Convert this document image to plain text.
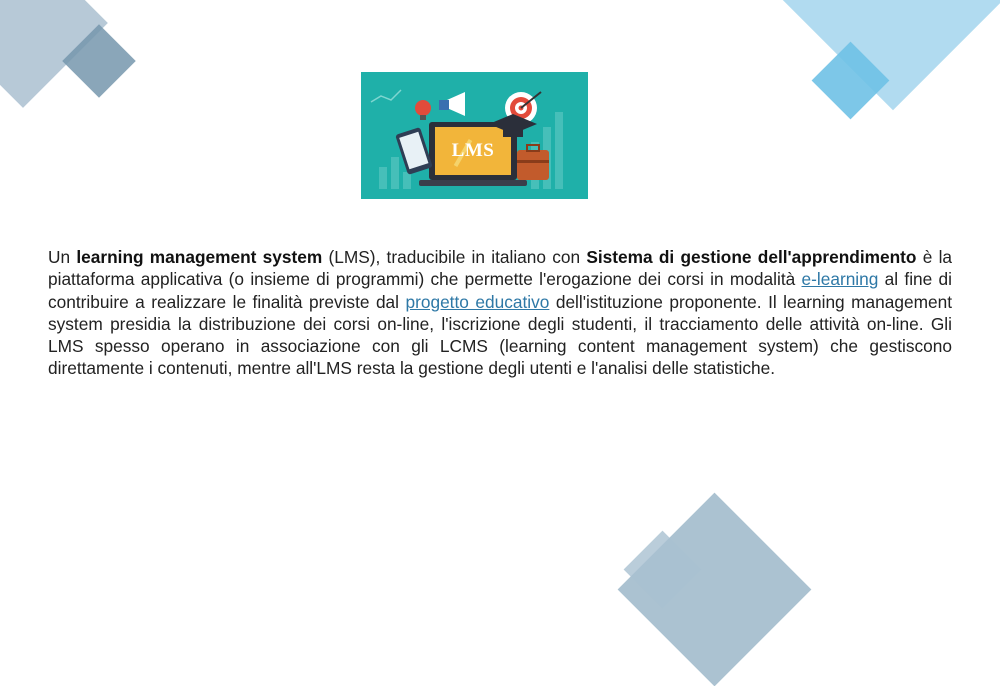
LMS
Un learning management system (LMS), traducibile in italiano con Sistema di gestione dell'apprendimento è la piattaforma applicativa (o insieme di programmi) che permette l'erogazione dei corsi in modalità e-learning al fine di contribuire a realizzare le finalità previste dal progetto educativo dell'istituzione proponente. Il learning management system presidia la distribuzione dei corsi on-line, l'iscrizione degli studenti, il tracciamento delle attività on-line. Gli LMS spesso operano in associazione con gli LCMS (learning content management system) che gestiscono direttamente i contenuti, mentre all'LMS resta la gestione degli utenti e l'analisi delle statistiche.
